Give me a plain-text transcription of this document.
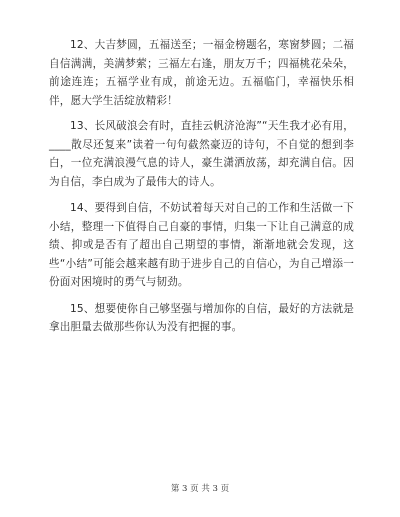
12、大吉梦圆，五福送至；一福金榜题名，寒窗梦圆；二福自信满满，美满梦萦；三福左右逢，朋友万千；四福桃花朵朵，前途连连；五福学业有成，前途无边。五福临门，幸福快乐相伴，愿大学生活绽放精彩！

13、长风破浪会有时，直挂云帆济沧海”“天生我才必有用，____散尽还复来”读着一句句截然豪迈的诗句，不自觉的想到李白，一位充满浪漫气息的诗人，豪生潇洒放荡，却充满自信。因为自信，李白成为了最伟大的诗人。

14、要得到自信，不妨试着每天对自己的工作和生活做一下小结，整理一下值得自己自豪的事情，归集一下让自己满意的成绩、抑或是否有了超出自己期望的事情，渐渐地就会发现，这些“小结”可能会越来越有助于进步自己的自信心，为自己增添一份面对困境时的勇气与韧劲。

15、想要使你自己够坚强与增加你的自信，最好的方法就是拿出胆量去做那些你认为没有把握的事。

第 3 页 共 3 页
